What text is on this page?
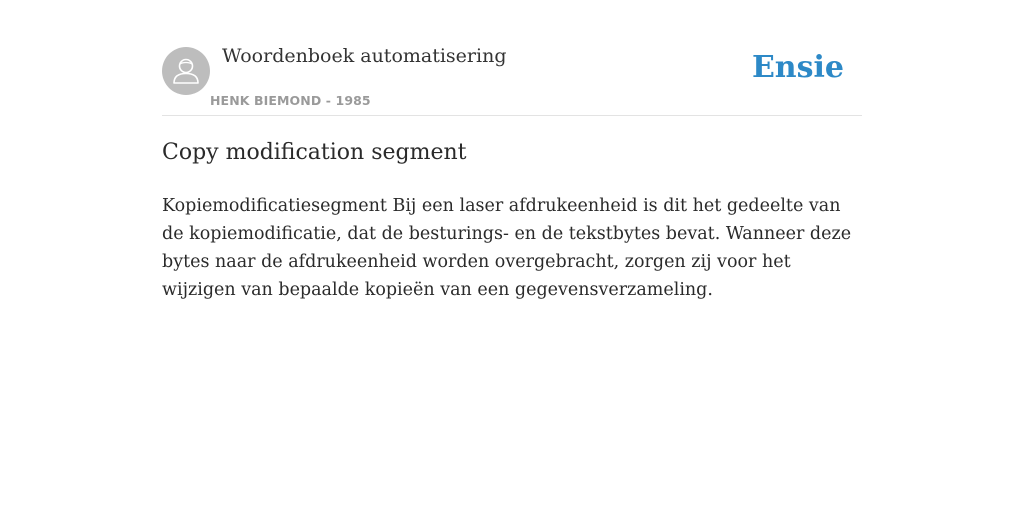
Woordenboek automatisering
HENK BIEMOND - 1985
Ensie
Copy modification segment

Kopiemodificatiesegment Bij een laser afdrukeenheid is dit het gedeelte van de kopiemodificatie, dat de besturings- en de tekstbytes bevat. Wanneer deze bytes naar de afdrukeenheid worden overgebracht, zorgen zij voor het wijzigen van bepaalde kopieën van een gegevensverzameling.
